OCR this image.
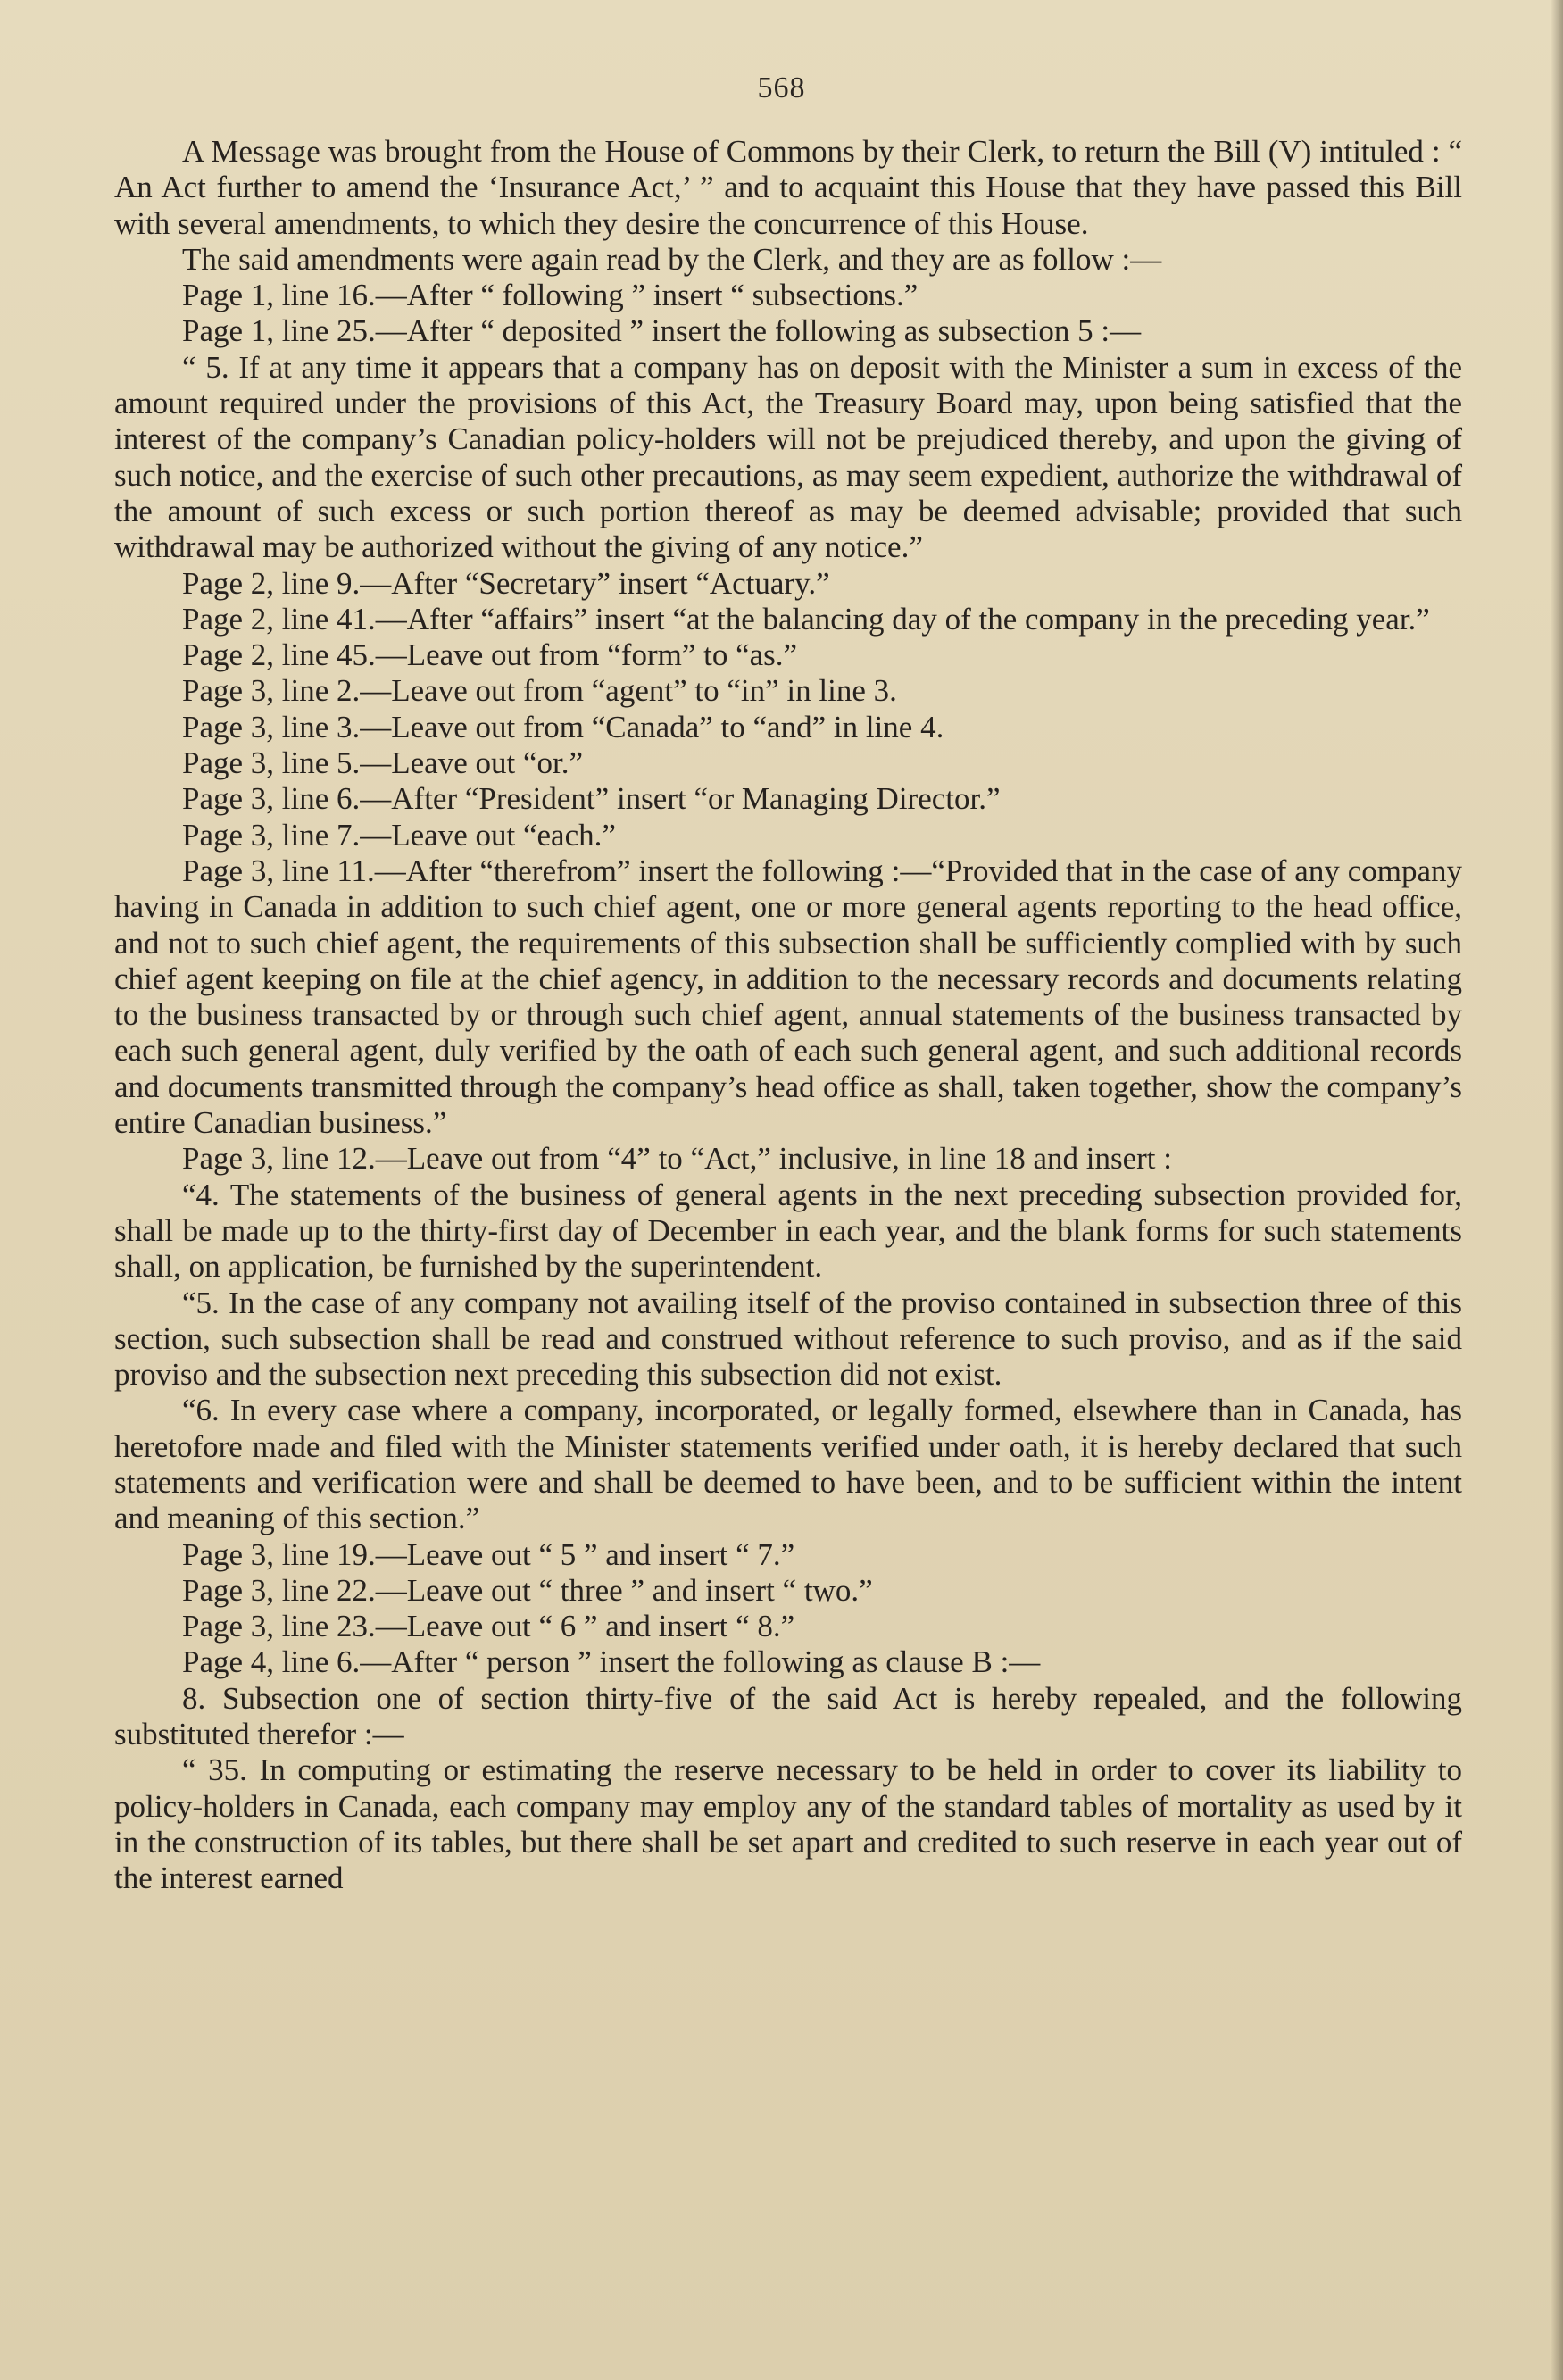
568

A Message was brought from the House of Commons by their Clerk, to return the Bill (V) intituled : “ An Act further to amend the ‘Insurance Act,’ ” and to acquaint this House that they have passed this Bill with several amendments, to which they desire the concurrence of this House.

The said amendments were again read by the Clerk, and they are as follow :—

Page 1, line 16.—After “ following ” insert “ subsections.”

Page 1, line 25.—After “ deposited ” insert the following as subsection 5 :—

“ 5. If at any time it appears that a company has on deposit with the Minister a sum in excess of the amount required under the provisions of this Act, the Treasury Board may, upon being satisfied that the interest of the company’s Canadian policy-holders will not be prejudiced thereby, and upon the giving of such notice, and the exercise of such other precautions, as may seem expedient, authorize the withdrawal of the amount of such excess or such portion thereof as may be deemed advisable; provided that such withdrawal may be authorized without the giving of any notice.”

Page 2, line 9.—After “Secretary” insert “Actuary.”

Page 2, line 41.—After “affairs” insert “at the balancing day of the company in the preceding year.”

Page 2, line 45.—Leave out from “form” to “as.”

Page 3, line 2.—Leave out from “agent” to “in” in line 3.

Page 3, line 3.—Leave out from “Canada” to “and” in line 4.

Page 3, line 5.—Leave out “or.”

Page 3, line 6.—After “President” insert “or Managing Director.”

Page 3, line 7.—Leave out “each.”

Page 3, line 11.—After “therefrom” insert the following :—“Provided that in the case of any company having in Canada in addition to such chief agent, one or more general agents reporting to the head office, and not to such chief agent, the requirements of this subsection shall be sufficiently complied with by such chief agent keeping on file at the chief agency, in addition to the necessary records and documents relating to the business transacted by or through such chief agent, annual statements of the business transacted by each such general agent, duly verified by the oath of each such general agent, and such additional records and documents transmitted through the company’s head office as shall, taken together, show the company’s entire Canadian business.”

Page 3, line 12.—Leave out from “4” to “Act,” inclusive, in line 18 and insert :

“4. The statements of the business of general agents in the next preceding subsection provided for, shall be made up to the thirty-first day of December in each year, and the blank forms for such statements shall, on application, be furnished by the superintendent.

“5. In the case of any company not availing itself of the proviso contained in subsection three of this section, such subsection shall be read and construed without reference to such proviso, and as if the said proviso and the subsection next preceding this subsection did not exist.

“6. In every case where a company, incorporated, or legally formed, elsewhere than in Canada, has heretofore made and filed with the Minister statements verified under oath, it is hereby declared that such statements and verification were and shall be deemed to have been, and to be sufficient within the intent and meaning of this section.”

Page 3, line 19.—Leave out “ 5 ” and insert “ 7.”

Page 3, line 22.—Leave out “ three ” and insert “ two.”

Page 3, line 23.—Leave out “ 6 ” and insert “ 8.”

Page 4, line 6.—After “ person ” insert the following as clause B :—

8. Subsection one of section thirty-five of the said Act is hereby repealed, and the following substituted therefor :—

“ 35. In computing or estimating the reserve necessary to be held in order to cover its liability to policy-holders in Canada, each company may employ any of the standard tables of mortality as used by it in the construction of its tables, but there shall be set apart and credited to such reserve in each year out of the interest earned
